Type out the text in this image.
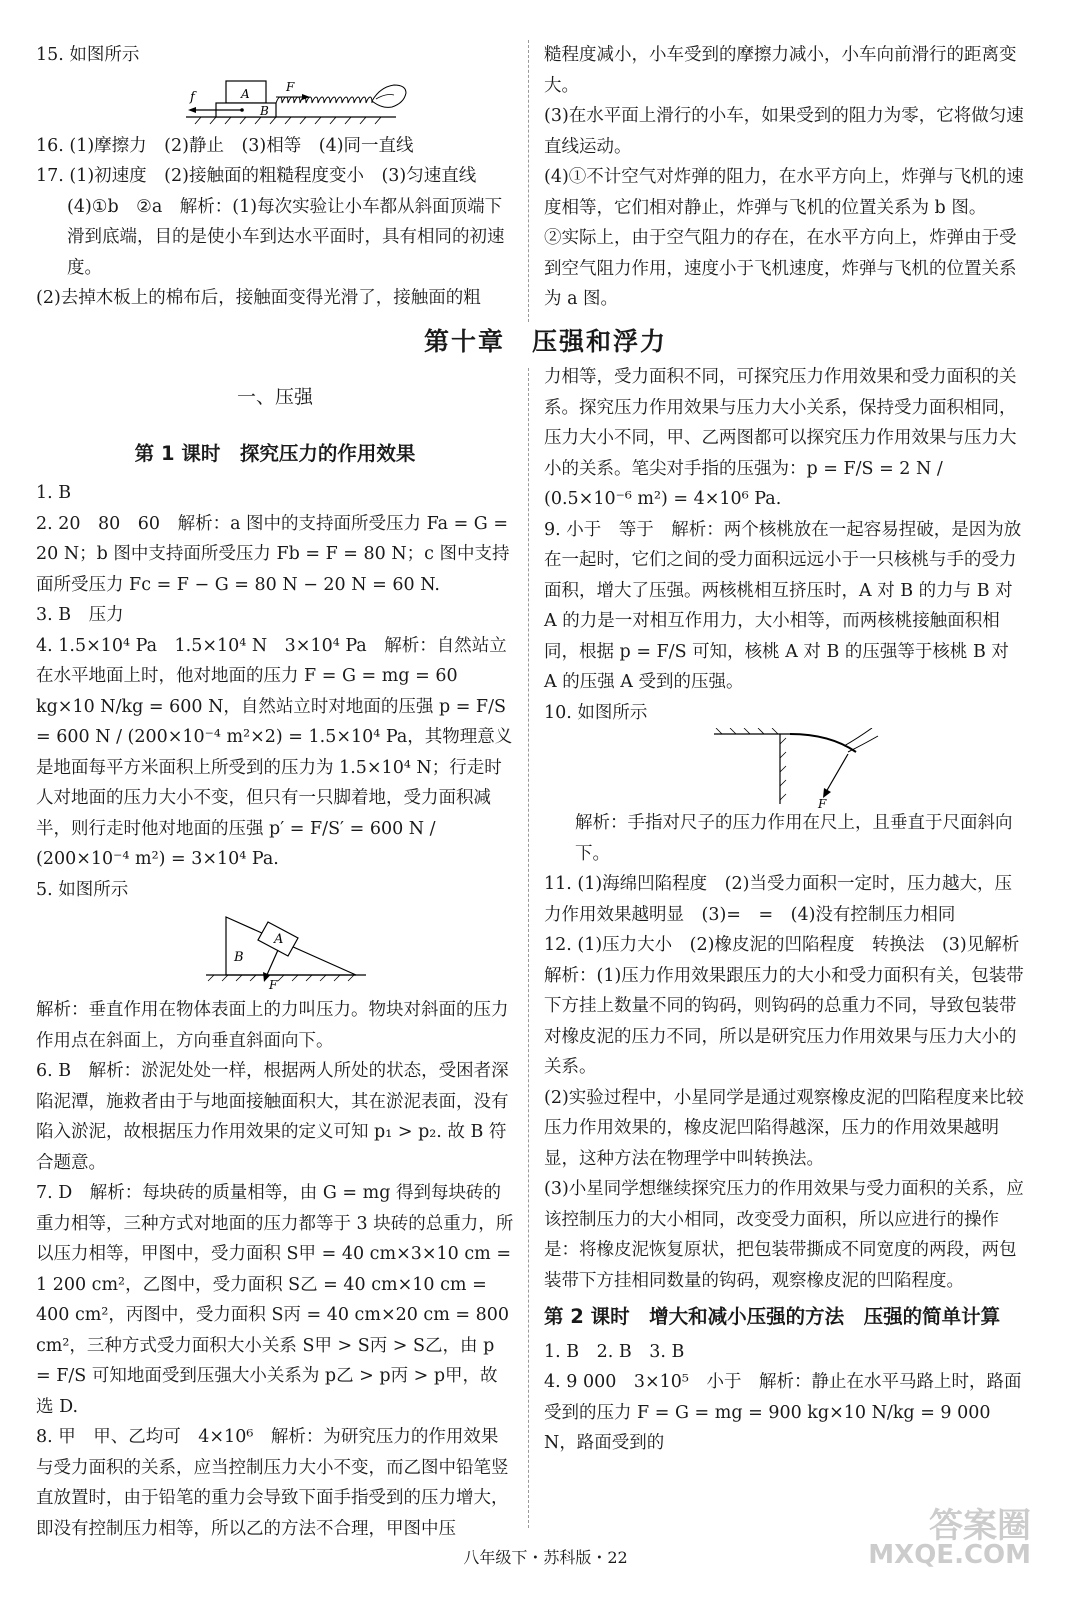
15. 如图所示

A
B
f
F

16. (1)摩擦力　(2)静止　(3)相等　(4)同一直线

17. (1)初速度　(2)接触面的粗糙程度变小　(3)匀速直线

(4)①b　②a　解析：(1)每次实验让小车都从斜面顶端下滑到底端，目的是使小车到达水平面时，具有相同的初速度。

(2)去掉木板上的棉布后，接触面变得光滑了，接触面的粗

糙程度减小，小车受到的摩擦力减小，小车向前滑行的距离变大。

(3)在水平面上滑行的小车，如果受到的阻力为零，它将做匀速直线运动。

(4)①不计空气对炸弹的阻力，在水平方向上，炸弹与飞机的速度相等，它们相对静止，炸弹与飞机的位置关系为 b 图。

②实际上，由于空气阻力的存在，在水平方向上，炸弹由于受到空气阻力作用，速度小于飞机速度，炸弹与飞机的位置关系为 a 图。

第十章　压强和浮力
一、压强
第 1 课时　探究压力的作用效果

1. B

2. 20　80　60　解析：a 图中的支持面所受压力 Fa = G = 20 N；b 图中支持面所受压力 Fb = F = 80 N；c 图中支持面所受压力 Fc = F − G = 80 N − 20 N = 60 N.

3. B　压力

4. 1.5×10⁴ Pa　1.5×10⁴ N　3×10⁴ Pa　解析：自然站立在水平地面上时，他对地面的压力 F = G = mg = 60 kg×10 N/kg = 600 N，自然站立时对地面的压强 p = F/S = 600 N / (200×10⁻⁴ m²×2) = 1.5×10⁴ Pa，其物理意义是地面每平方米面积上所受到的压力为 1.5×10⁴ N；行走时人对地面的压力大小不变，但只有一只脚着地，受力面积减半，则行走时他对地面的压强 p′ = F/S′ = 600 N / (200×10⁻⁴ m²) = 3×10⁴ Pa.

5. 如图所示

A
B
F

解析：垂直作用在物体表面上的力叫压力。物块对斜面的压力作用点在斜面上，方向垂直斜面向下。

6. B　解析：淤泥处处一样，根据两人所处的状态，受困者深陷泥潭，施救者由于与地面接触面积大，其在淤泥表面，没有陷入淤泥，故根据压力作用效果的定义可知 p₁ > p₂. 故 B 符合题意。

7. D　解析：每块砖的质量相等，由 G = mg 得到每块砖的重力相等，三种方式对地面的压力都等于 3 块砖的总重力，所以压力相等，甲图中，受力面积 S甲 = 40 cm×3×10 cm = 1 200 cm²，乙图中，受力面积 S乙 = 40 cm×10 cm = 400 cm²，丙图中，受力面积 S丙 = 40 cm×20 cm = 800 cm²，三种方式受力面积大小关系 S甲 > S丙 > S乙，由 p = F/S 可知地面受到压强大小关系为 p乙 > p丙 > p甲，故选 D.

8. 甲　甲、乙均可　4×10⁶　解析：为研究压力的作用效果与受力面积的关系，应当控制压力大小不变，而乙图中铅笔竖直放置时，由于铅笔的重力会导致下面手指受到的压力增大，即没有控制压力相等，所以乙的方法不合理，甲图中压

力相等，受力面积不同，可探究压力作用效果和受力面积的关系。探究压力作用效果与压力大小关系，保持受力面积相同，压力大小不同，甲、乙两图都可以探究压力作用效果与压力大小的关系。笔尖对手指的压强为：p = F/S = 2 N / (0.5×10⁻⁶ m²) = 4×10⁶ Pa.

9. 小于　等于　解析：两个核桃放在一起容易捏破，是因为放在一起时，它们之间的受力面积远远小于一只核桃与手的受力面积，增大了压强。两核桃相互挤压时，A 对 B 的力与 B 对 A 的力是一对相互作用力，大小相等，而两核桃接触面积相同，根据 p = F/S 可知，核桃 A 对 B 的压强等于核桃 B 对 A 的压强 A 受到的压强。

10. 如图所示

F

解析：手指对尺子的压力作用在尺上，且垂直于尺面斜向下。

11. (1)海绵凹陷程度　(2)当受力面积一定时，压力越大，压力作用效果越明显　(3)=　=　(4)没有控制压力相同

12. (1)压力大小　(2)橡皮泥的凹陷程度　转换法　(3)见解析　解析：(1)压力作用效果跟压力的大小和受力面积有关，包装带下方挂上数量不同的钩码，则钩码的总重力不同，导致包装带对橡皮泥的压力不同，所以是研究压力作用效果与压力大小的关系。

(2)实验过程中，小星同学是通过观察橡皮泥的凹陷程度来比较压力作用效果的，橡皮泥凹陷得越深，压力的作用效果越明显，这种方法在物理学中叫转换法。

(3)小星同学想继续探究压力的作用效果与受力面积的关系，应该控制压力的大小相同，改变受力面积，所以应进行的操作是：将橡皮泥恢复原状，把包装带撕成不同宽度的两段，两包装带下方挂相同数量的钩码，观察橡皮泥的凹陷程度。

第 2 课时　增大和减小压强的方法　压强的简单计算

1. B　2. B　3. B

4. 9 000　3×10⁵　小于　解析：静止在水平马路上时，路面受到的压力 F = G = mg = 900 kg×10 N/kg = 9 000 N，路面受到的

八年级下・苏科版・22
答案圈
MXQE.COM
